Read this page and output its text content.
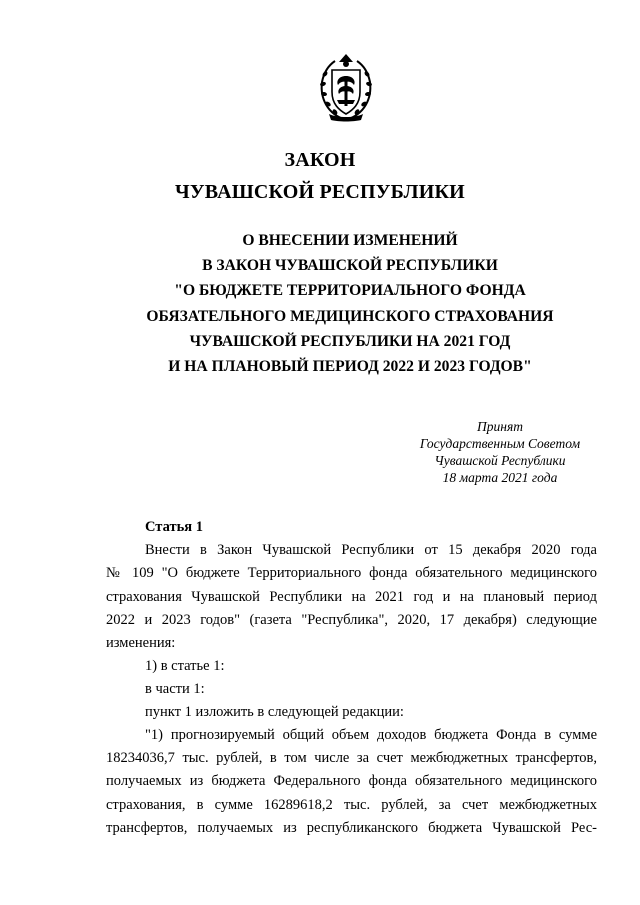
ЗАКОН
ЧУВАШСКОЙ РЕСПУБЛИКИ
О ВНЕСЕНИИ ИЗМЕНЕНИЙ
В ЗАКОН ЧУВАШСКОЙ РЕСПУБЛИКИ
"О БЮДЖЕТЕ ТЕРРИТОРИАЛЬНОГО ФОНДА
ОБЯЗАТЕЛЬНОГО МЕДИЦИНСКОГО СТРАХОВАНИЯ
ЧУВАШСКОЙ РЕСПУБЛИКИ НА 2021 ГОД
И НА ПЛАНОВЫЙ ПЕРИОД 2022 И 2023 ГОДОВ"
Принят
Государственным Советом
Чувашской Республики
18 марта 2021 года
Статья 1
Внести в Закон Чувашской Республики от 15 декабря 2020 года
№ 109 "О бюджете Территориального фонда обязательного медицинского
страхования Чувашской Республики на 2021 год и на плановый период
2022 и 2023 годов" (газета "Республика", 2020, 17 декабря) следующие
изменения:
1) в статье 1:
в части 1:
пункт 1 изложить в следующей редакции:
"1) прогнозируемый общий объем доходов бюджета Фонда в сумме
18234036,7 тыс. рублей, в том числе за счет межбюджетных трансфертов,
получаемых из бюджета Федерального фонда обязательного медицинского
страхования, в сумме 16289618,2 тыс. рублей, за счет межбюджетных
трансфертов, получаемых из республиканского бюджета Чувашской Рес-
